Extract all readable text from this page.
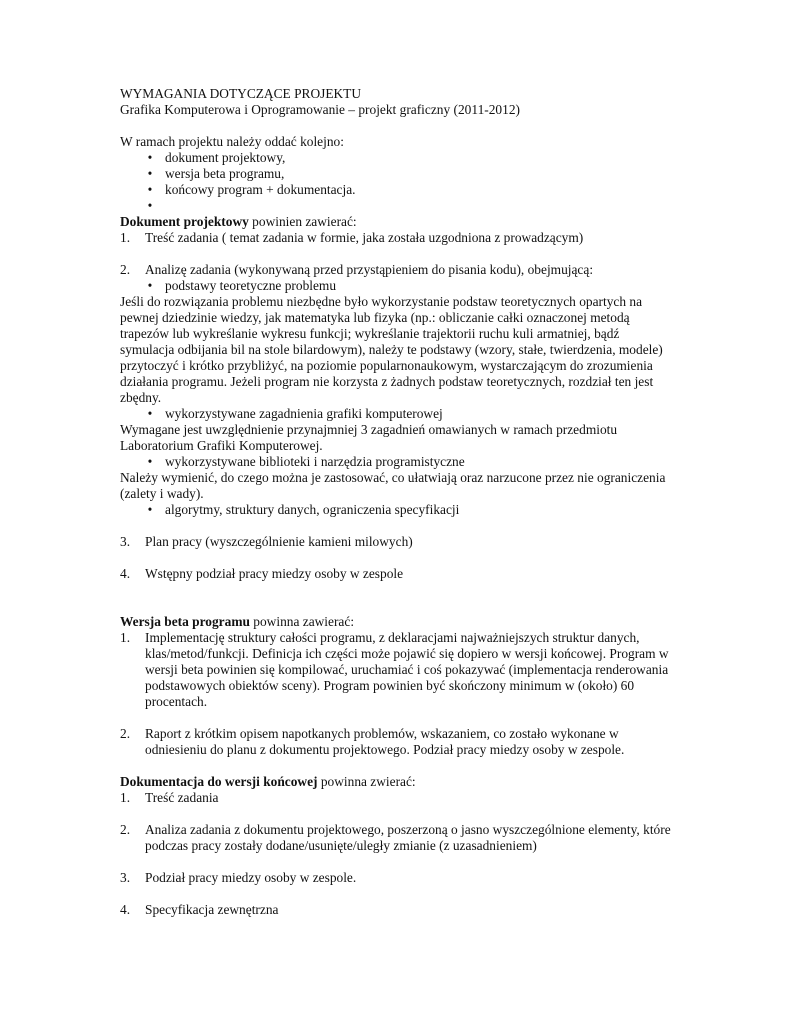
WYMAGANIA DOTYCZĄCE PROJEKTU
Grafika Komputerowa i Oprogramowanie – projekt graficzny (2011-2012)
W ramach projektu należy oddać kolejno:
• dokument projektowy,
• wersja beta programu,
• końcowy program + dokumentacja.
•
Dokument projektowy powinien zawierać:
1. Treść zadania ( temat zadania w formie, jaka została uzgodniona z prowadzącym)
2. Analizę zadania (wykonywaną przed przystąpieniem do pisania kodu), obejmującą:
• podstawy teoretyczne problemu
Jeśli do rozwiązania problemu niezbędne było wykorzystanie podstaw teoretycznych opartych na
pewnej dziedzinie wiedzy, jak matematyka lub fizyka (np.: obliczanie całki oznaczonej metodą
trapezów lub wykreślanie wykresu funkcji; wykreślanie trajektorii ruchu kuli armatniej, bądź
symulacja odbijania bil na stole bilardowym), należy te podstawy (wzory, stałe, twierdzenia, modele)
przytoczyć i krótko przybliżyć, na poziomie popularnonaukowym, wystarczającym do zrozumienia
działania programu. Jeżeli program nie korzysta z żadnych podstaw teoretycznych, rozdział ten jest
zbędny.
• wykorzystywane zagadnienia grafiki komputerowej
Wymagane jest uwzględnienie przynajmniej 3 zagadnień omawianych w ramach przedmiotu
Laboratorium Grafiki Komputerowej.
• wykorzystywane biblioteki i narzędzia programistyczne
Należy wymienić, do czego można je zastosować, co ułatwiają oraz narzucone przez nie ograniczenia
(zalety i wady).
• algorytmy, struktury danych, ograniczenia specyfikacji
3. Plan pracy (wyszczególnienie kamieni milowych)
4. Wstępny podział pracy miedzy osoby w zespole
Wersja beta programu powinna zawierać:
1. Implementację struktury całości programu, z deklaracjami najważniejszych struktur danych,
klas/metod/funkcji. Definicja ich części może pojawić się dopiero w wersji końcowej. Program w
wersji beta powinien się kompilować, uruchamiać i coś pokazywać (implementacja renderowania
podstawowych obiektów sceny). Program powinien być skończony minimum w (około) 60
procentach.
2. Raport z krótkim opisem napotkanych problemów, wskazaniem, co zostało wykonane w
odniesieniu do planu z dokumentu projektowego. Podział pracy miedzy osoby w zespole.
Dokumentacja do wersji końcowej powinna zwierać:
1. Treść zadania
2. Analiza zadania z dokumentu projektowego, poszerzoną o jasno wyszczególnione elementy, które
podczas pracy zostały dodane/usunięte/uległy zmianie (z uzasadnieniem)
3. Podział pracy miedzy osoby w zespole.
4. Specyfikacja zewnętrzna
